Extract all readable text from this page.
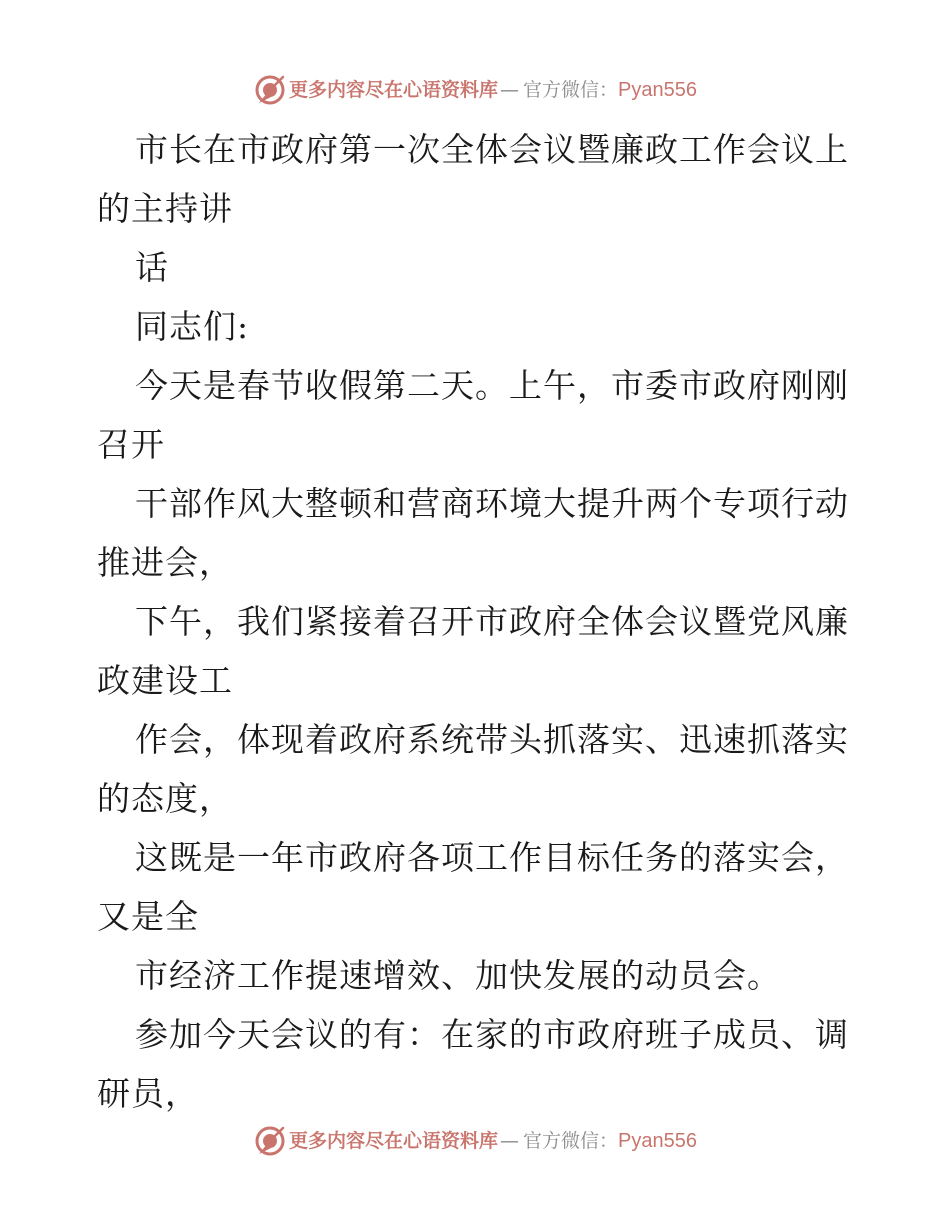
更多内容尽在心语资料库 — 官方微信： Pyan556
市长在市政府第一次全体会议暨廉政工作会议上
的主持讲
话
同志们:
今天是春节收假第二天。上午，市委市政府刚刚
召开
干部作风大整顿和营商环境大提升两个专项行动
推进会，
下午，我们紧接着召开市政府全体会议暨党风廉
政建设工
作会，体现着政府系统带头抓落实、迅速抓落实
的态度，
这既是一年市政府各项工作目标任务的落实会，
又是全
市经济工作提速增效、加快发展的动员会。
参加今天会议的有：在家的市政府班子成员、调
研员，
更多内容尽在心语资料库 — 官方微信： Pyan556
